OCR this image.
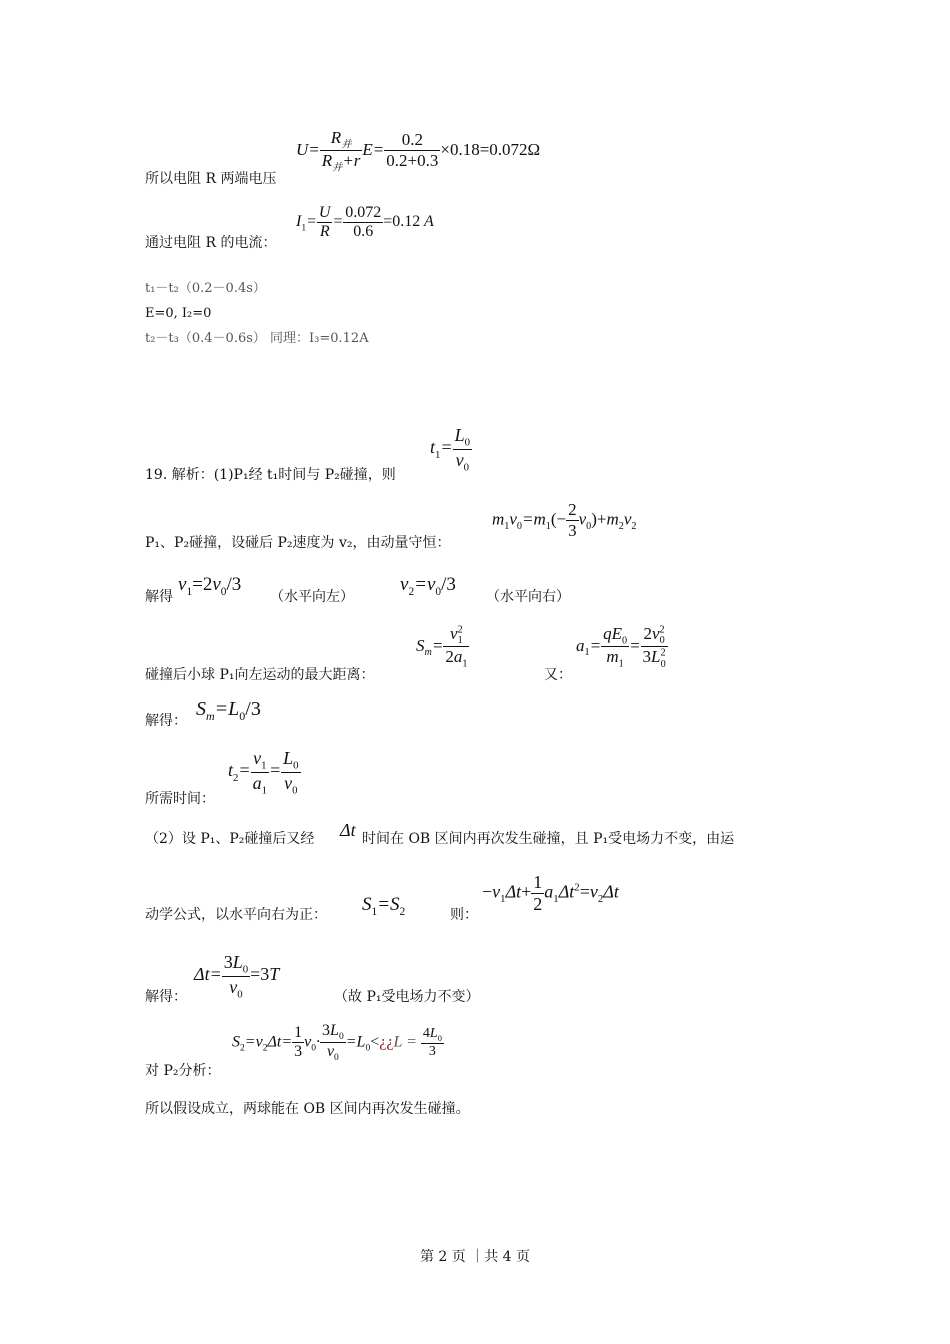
$U= \frac{R_并}{R_并+r} E= \frac{0.2}{0.2+0.3} \times 0.18=0.072\Omega$
所以电阻 R 两端电压
$I_1= \frac{U}{R} = \frac{0.072}{0.6} =0.12$ A
通过电阻 R 的电流：
t₁－t₂（0.2－0.4s）
E=0, I₂=0
t₂－t₃（0.4－0.6s） 同理：I₃=0.12A
$t_1= \frac{L_0}{v_0}$
19. 解析：(1)P₁经 t₁时间与 P₂碰撞，则
$m_1v_0=m_1(- \frac{2}{3} v_0)+m_2v_2$
P₁、P₂碰撞，设碰后 P₂速度为 v₂，由动量守恒：
解得
$v_1=2v_0/3$
（水平向左）
$v_2=v_0/3$
（水平向右）
$S_m= \frac{v^2_1}{2a_1}$
碰撞后小球 P₁向左运动的最大距离：	又：
$a_1= \frac{qE_0}{m_1} = \frac{2v^2_0}{3L^2_0}$
解得：
$S_m=L_0/3$
$t_2= \frac{v_1}{a_1} = \frac{L_0}{v_0}$
所需时间：
（2）设 P₁、P₂碰撞后又经 Δt 时间在 OB 区间内再次发生碰撞，且 P₁受电场力不变，由运
动学公式，以水平向右为正： $S_1=S_2$	则：
$-v_1\Delta t+ \frac{1}{2} a_1\Delta t^2=v_2\Delta t$
$\Delta t= \frac{3L_0}{v_0} =3T$
解得：	（故 P₁受电场力不变）
$S_2=v_2\Delta t= \frac{1}{3} v_0\cdot \frac{3L_0}{v_0}$ $=L_0<¿¿L = \frac{4L_0}{3}$
对 P₂分析：
所以假设成立，两球能在 OB 区间内再次发生碰撞。
第 2 页 ｜共 4 页
